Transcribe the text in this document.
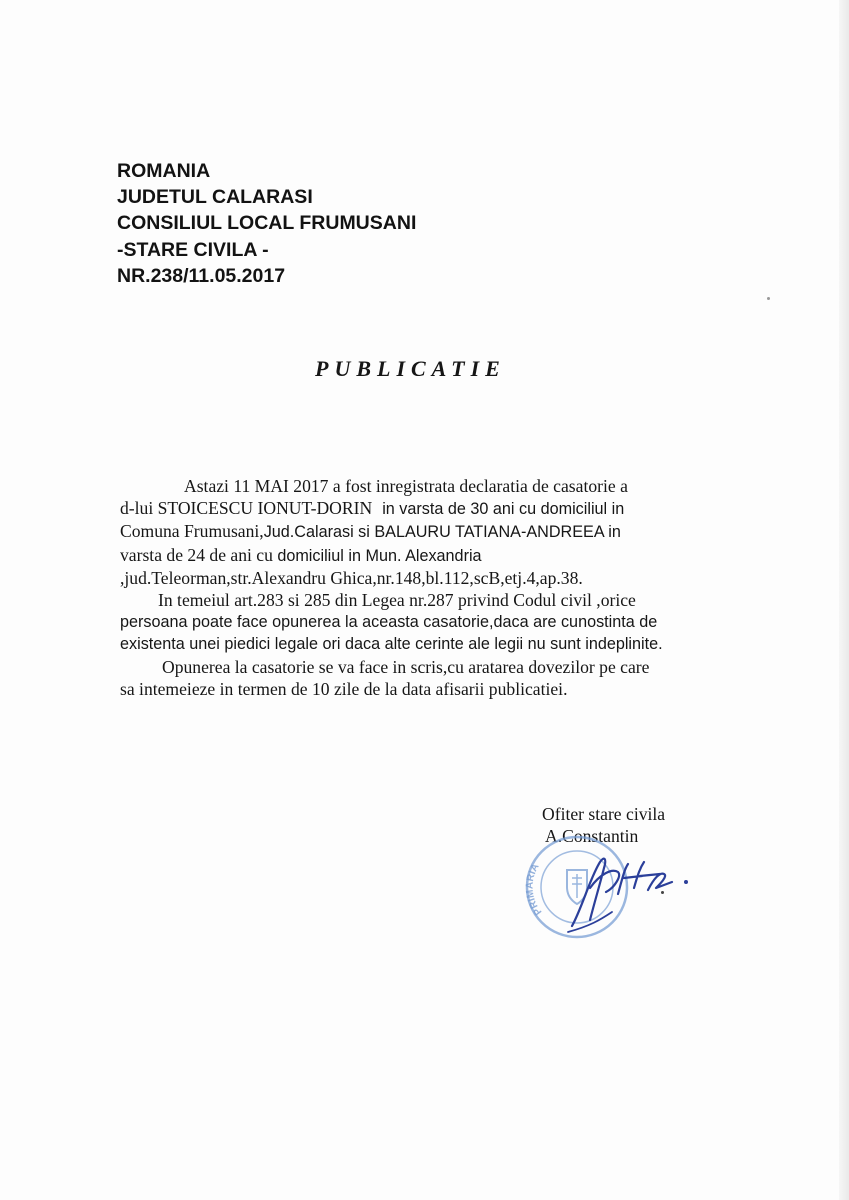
ROMANIA
JUDETUL CALARASI
CONSILIUL LOCAL FRUMUSANI
-STARE CIVILA -
NR.238/11.05.2017
PUBLICATIE
Astazi 11 MAI 2017 a fost inregistrata declaratia de casatorie a
d-lui STOICESCU IONUT-DORIN in varsta de 30 ani cu domiciliul in
Comuna Frumusani,Jud.Calarasi si BALAURU TATIANA-ANDREEA in
varsta de 24 de ani cu domiciliul in Mun. Alexandria
,jud.Teleorman,str.Alexandru Ghica,nr.148,bl.112,scB,etj.4,ap.38.
In temeiul art.283 si 285 din Legea nr.287 privind Codul civil ,orice
persoana poate face opunerea la aceasta casatorie,daca are cunostinta de
existenta unei piedici legale ori daca alte cerinte ale legii nu sunt indeplinite.
Opunerea la casatorie se va face in scris,cu aratarea dovezilor pe care
sa intemeieze in termen de 10 zile de la data afisarii publicatiei.
Ofiter stare civila
A.Constantin
PRIMARIA
